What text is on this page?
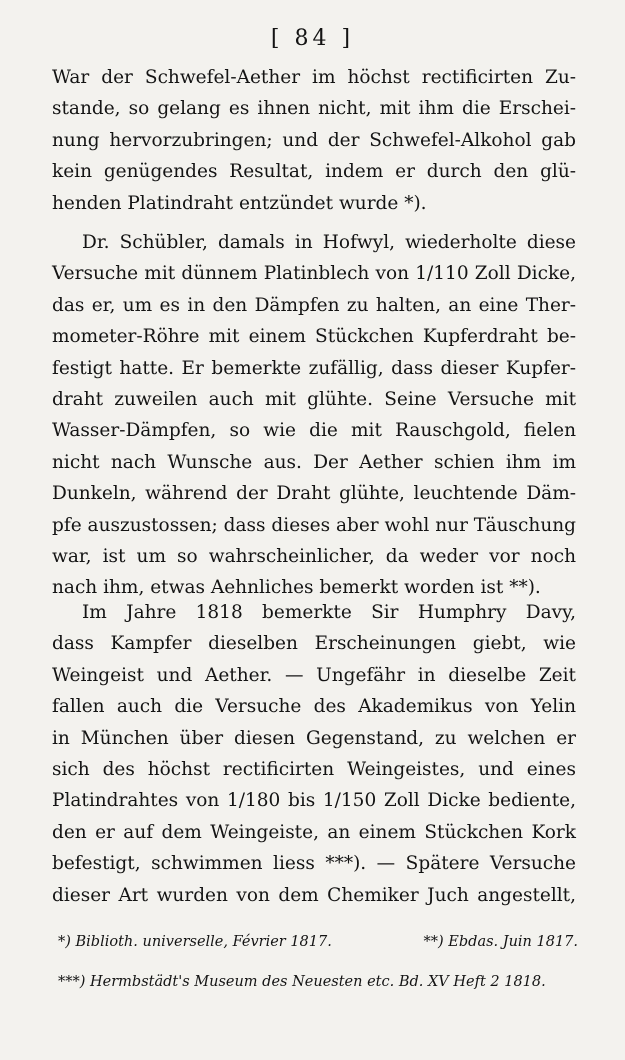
[ 84 ]
War der Schwefel-Aether im höchst rectificirten Zu-
stande, so gelang es ihnen nicht, mit ihm die Erschei-
nung hervorzubringen; und der Schwefel-Alkohol gab
kein genügendes Resultat, indem er durch den glü-
henden Platindraht entzündet wurde *).
Dr. Schübler, damals in Hofwyl, wiederholte diese
Versuche mit dünnem Platinblech von 1/110 Zoll Dicke,
das er, um es in den Dämpfen zu halten, an eine Ther-
mometer-Röhre mit einem Stückchen Kupferdraht be-
festigt hatte. Er bemerkte zufällig, dass dieser Kupfer-
draht zuweilen auch mit glühte. Seine Versuche mit
Wasser-Dämpfen, so wie die mit Rauschgold, fielen
nicht nach Wunsche aus. Der Aether schien ihm im
Dunkeln, während der Draht glühte, leuchtende Däm-
pfe auszustossen; dass dieses aber wohl nur Täuschung
war, ist um so wahrscheinlicher, da weder vor noch
nach ihm, etwas Aehnliches bemerkt worden ist **).
Im Jahre 1818 bemerkte Sir Humphry Davy,
dass Kampfer dieselben Erscheinungen giebt, wie
Weingeist und Aether. — Ungefähr in dieselbe Zeit
fallen auch die Versuche des Akademikus von Yelin
in München über diesen Gegenstand, zu welchen er
sich des höchst rectificirten Weingeistes, und eines
Platindrahtes von 1/180 bis 1/150 Zoll Dicke bediente,
den er auf dem Weingeiste, an einem Stückchen Kork
befestigt, schwimmen liess ***). — Spätere Versuche
dieser Art wurden von dem Chemiker Juch angestellt,
*) Biblioth. universelle, Février 1817.	**) Ebdas. Juin 1817.
***) Hermbstädt's Museum des Neuesten etc. Bd. XV Heft 2 1818.
